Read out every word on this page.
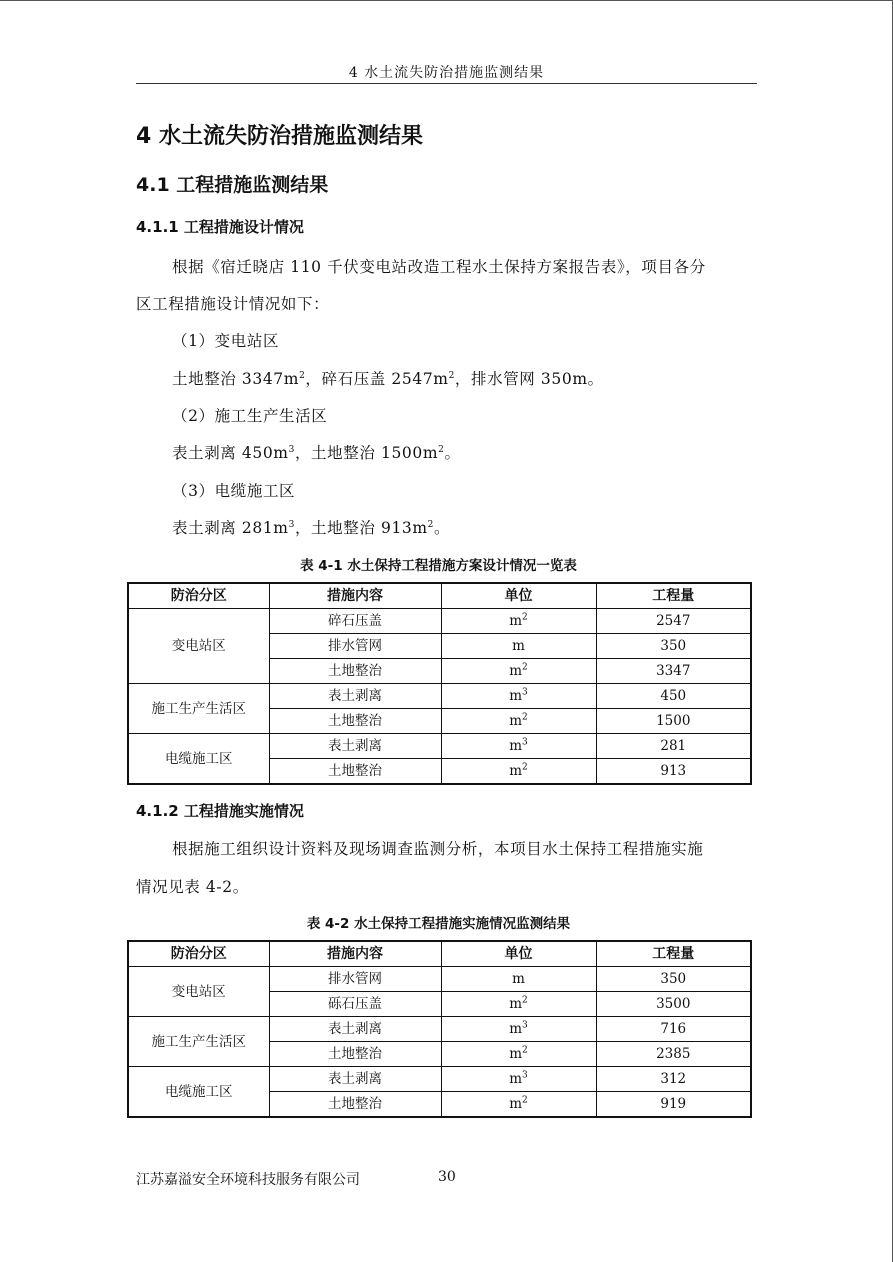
4 水土流失防治措施监测结果
4 水土流失防治措施监测结果
4.1 工程措施监测结果
4.1.1 工程措施设计情况
根据《宿迁晓店 110 千伏变电站改造工程水土保持方案报告表》，项目各分
区工程措施设计情况如下：
（1）变电站区
土地整治 $3347m^2$，碎石压盖 $2547m^2$，排水管网 350m。
（2）施工生产生活区
表土剥离 $450m^3$，土地整治 $1500m^2$。
（3）电缆施工区
表土剥离 $281m^3$，土地整治 $913m^2$。
表 4-1 水土保持工程措施方案设计情况一览表
防治分区	措施内容	单位	工程量
变电站区	碎石压盖	$m^2$	2547
	排水管网	m	350
	土地整治	$m^2$	3347
施工生产生活区	表土剥离	$m^3$	450
	土地整治	$m^2$	1500
电缆施工区	表土剥离	$m^3$	281
	土地整治	$m^2$	913
4.1.2 工程措施实施情况
根据施工组织设计资料及现场调查监测分析，本项目水土保持工程措施实施
情况见表 4-2。
表 4-2 水土保持工程措施实施情况监测结果
防治分区	措施内容	单位	工程量
变电站区	排水管网	m	350
	砾石压盖	$m^2$	3500
施工生产生活区	表土剥离	$m^3$	716
	土地整治	$m^2$	2385
电缆施工区	表土剥离	$m^3$	312
	土地整治	$m^2$	919
江苏嘉溢安全环境科技服务有限公司	30
